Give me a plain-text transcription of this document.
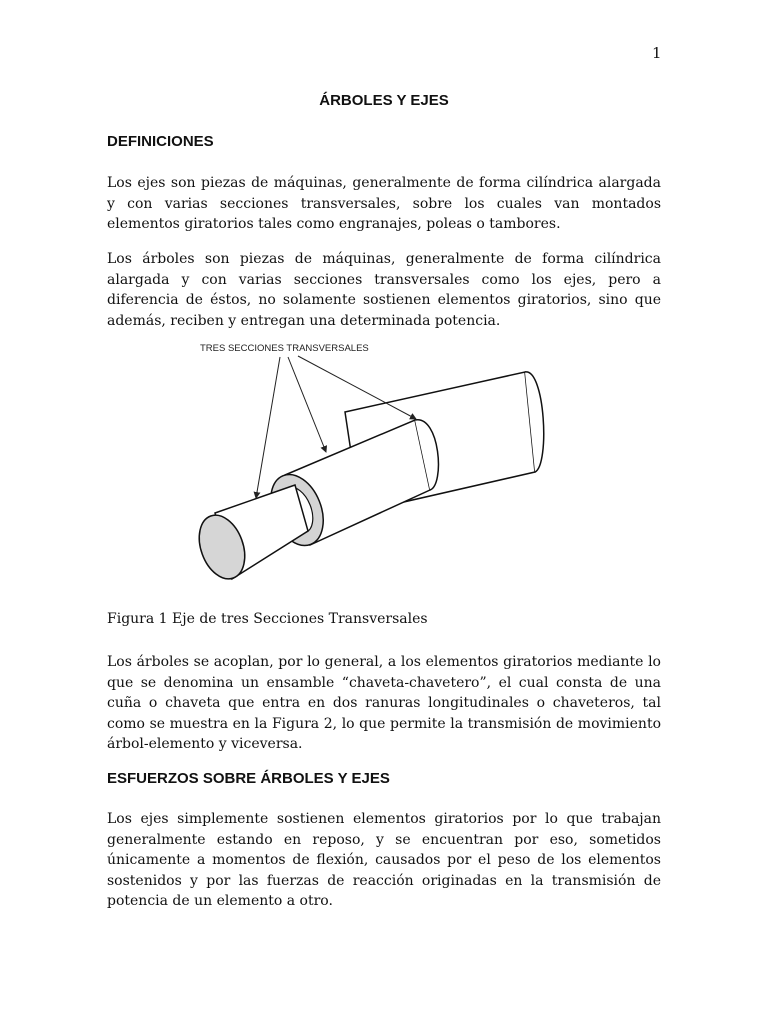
1
ÁRBOLES Y EJES
DEFINICIONES

Los ejes son piezas de máquinas, generalmente de forma cilíndrica alargada y con varias secciones transversales, sobre los cuales van montados elementos giratorios tales como engranajes, poleas o tambores.

Los árboles son piezas de máquinas, generalmente de forma cilíndrica alargada y con varias secciones transversales como los ejes, pero a diferencia de éstos, no solamente sostienen elementos giratorios, sino que además, reciben y entregan una determinada potencia.

TRES SECCIONES TRANSVERSALES
Figura 1 Eje de tres Secciones Transversales

Los árboles se acoplan, por lo general, a los elementos giratorios mediante lo que se denomina un ensamble “chaveta-chavetero”, el cual consta de una cuña o chaveta que entra en dos ranuras longitudinales o chaveteros, tal como se muestra en la Figura 2, lo que permite la transmisión de movimiento árbol-elemento y viceversa.

ESFUERZOS SOBRE ÁRBOLES Y EJES

Los ejes simplemente sostienen elementos giratorios por lo que trabajan generalmente estando en reposo, y se encuentran por eso, sometidos únicamente a momentos de flexión, causados por el peso de los elementos sostenidos y por las fuerzas de reacción originadas en la transmisión de potencia de un elemento a otro.
